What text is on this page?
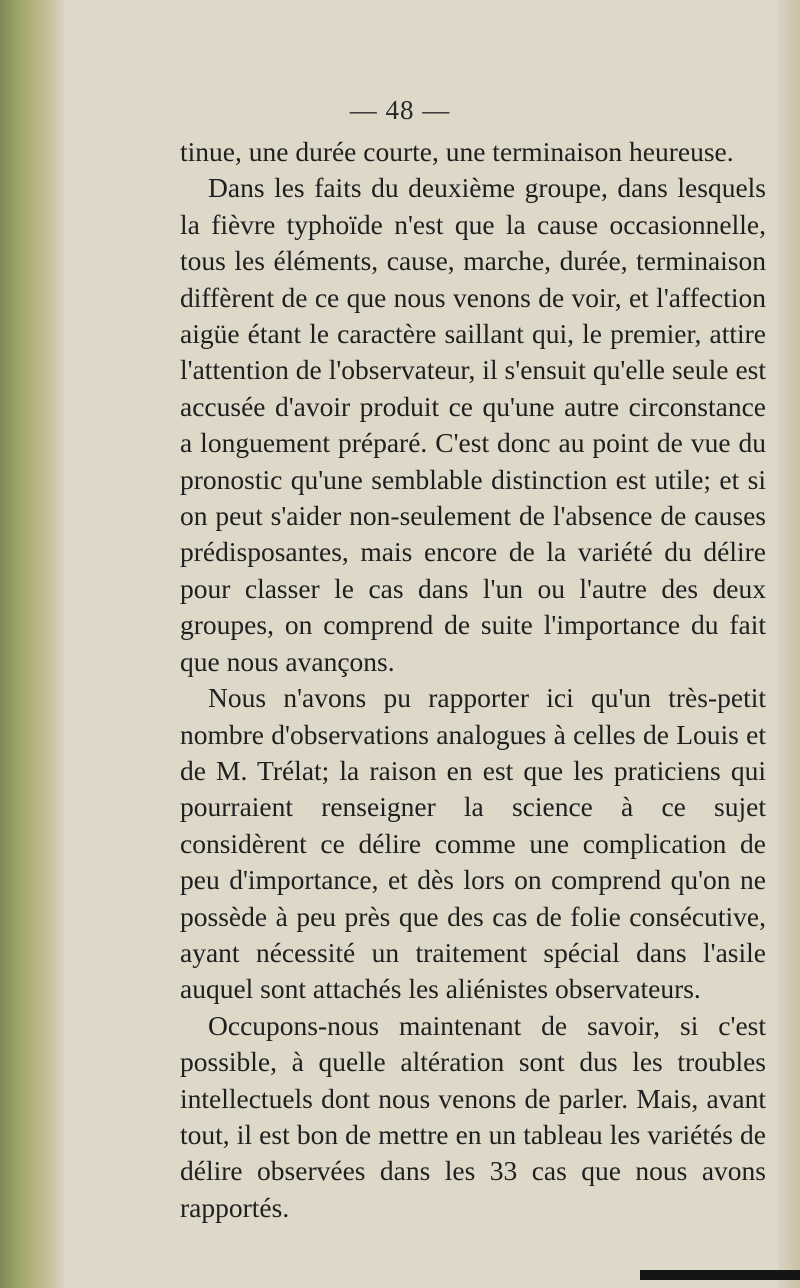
— 48 —

tinue, une durée courte, une terminaison heureuse.

Dans les faits du deuxième groupe, dans lesquels la fièvre typhoïde n'est que la cause occasionnelle, tous les éléments, cause, marche, durée, terminaison diffèrent de ce que nous venons de voir, et l'affection aigüe étant le caractère saillant qui, le premier, attire l'attention de l'observateur, il s'ensuit qu'elle seule est accusée d'avoir produit ce qu'une autre circonstance a longuement préparé. C'est donc au point de vue du pronostic qu'une semblable distinction est utile; et si on peut s'aider non-seulement de l'absence de causes prédisposantes, mais encore de la variété du délire pour classer le cas dans l'un ou l'autre des deux groupes, on comprend de suite l'importance du fait que nous avançons.

Nous n'avons pu rapporter ici qu'un très-petit nombre d'observations analogues à celles de Louis et de M. Trélat; la raison en est que les praticiens qui pourraient renseigner la science à ce sujet considèrent ce délire comme une complication de peu d'importance, et dès lors on comprend qu'on ne possède à peu près que des cas de folie consécutive, ayant nécessité un traitement spécial dans l'asile auquel sont attachés les aliénistes observateurs.

Occupons-nous maintenant de savoir, si c'est possible, à quelle altération sont dus les troubles intellectuels dont nous venons de parler. Mais, avant tout, il est bon de mettre en un tableau les variétés de délire observées dans les 33 cas que nous avons rapportés.
